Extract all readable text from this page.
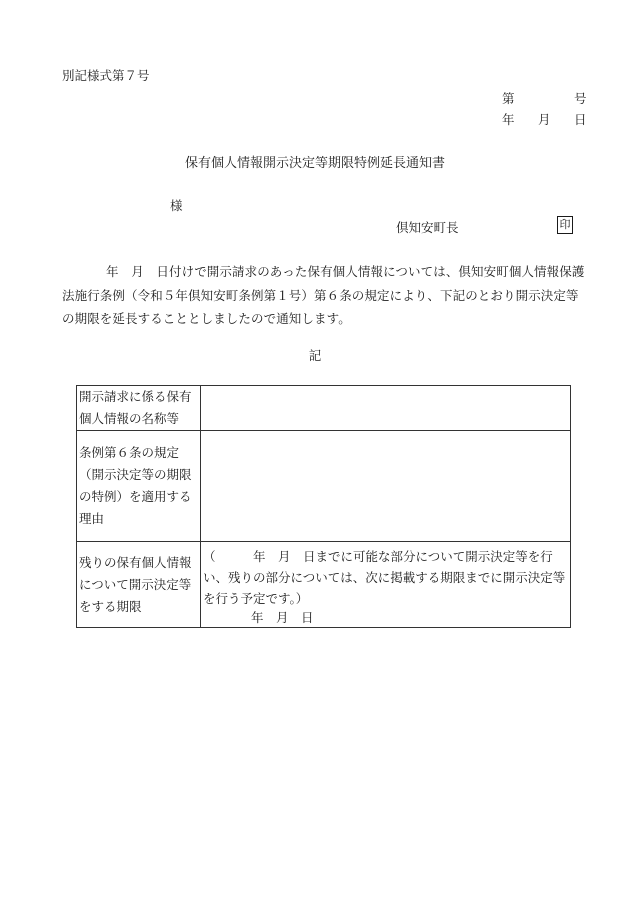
別記様式第７号
第	号
年 月 日
保有個人情報開示決定等期限特例延長通知書
様
倶知安町長	印
年　月　日付けで開示請求のあった保有個人情報については、倶知安町個人情報保護法施行条例（令和５年倶知安町条例第１号）第６条の規定により、下記のとおり開示決定等の期限を延長することとしましたので通知します。
記
開示請求に係る保有個人情報の名称等	
条例第６条の規定（開示決定等の期限の特例）を適用する理由	
残りの保有個人情報について開示決定等をする期限	（　　　年　月　日までに可能な部分について開示決定等を行い、残りの部分については、次に掲載する期限までに開示決定等を行う予定です。）
年　月　日
